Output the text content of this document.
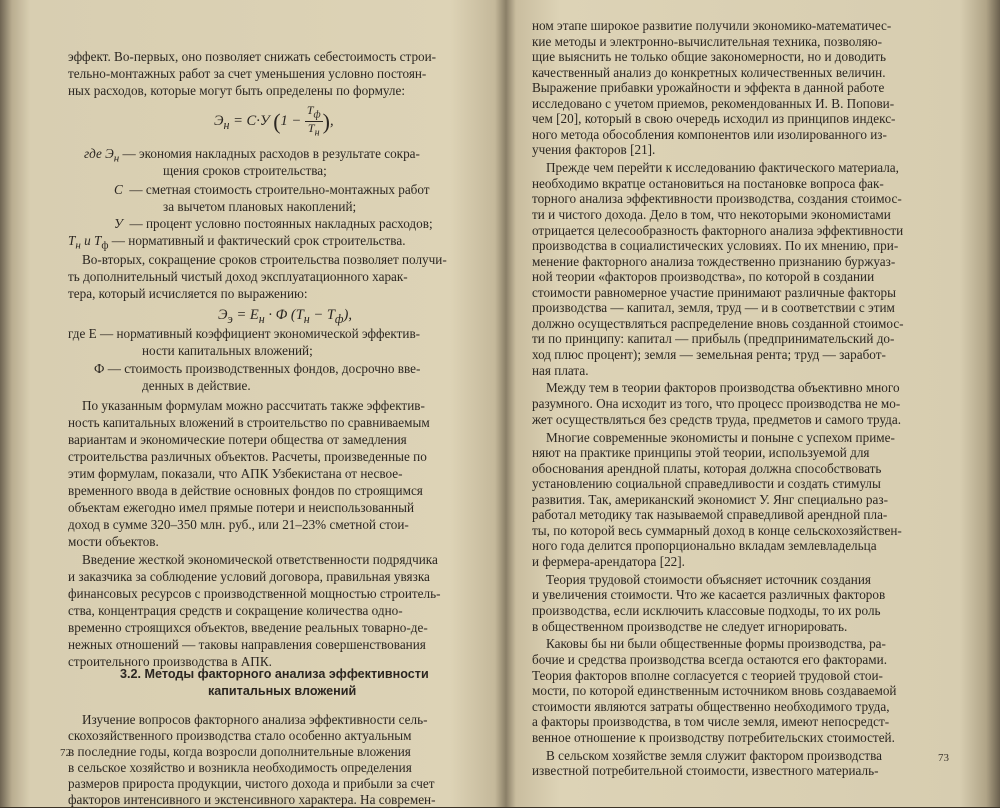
эффект. Во-первых, оно позволяет снижать себестоимость строи-
тельно-монтажных работ за счет уменьшения условно постоян-
ных расходов, которые могут быть определены по формуле:
$Э_н = С\cdot У$ ($1 - \frac{Т_ф}{Т_н}$ ),
где $Э_н$ — экономия накладных расходов в результате сокра-
щения сроков строительства;
С — сметная стоимость строительно-монтажных работ
за вычетом плановых накоплений;
У — процент условно постоянных накладных расходов;
$Т_н$ и $Т_ф$ — нормативный и фактический срок строительства.
Во-вторых, сокращение сроков строительства позволяет получи-
ть дополнительный чистый доход эксплуатационного харак-
тера, который исчисляется по выражению:
$Э_э = Е_н \cdot Ф$ $(Т_н - Т_ф)$,
где Е — нормативный коэффициент экономической эффектив-
ности капитальных вложений;
Ф — стоимость производственных фондов, досрочно вве-
денных в действие.
По указанным формулам можно рассчитать также эффектив-
ность капитальных вложений в строительство по сравниваемым
вариантам и экономические потери общества от замедления
строительства различных объектов. Расчеты, произведенные по
этим формулам, показали, что АПК Узбекистана от несвое-
временного ввода в действие основных фондов по строящимся
объектам ежегодно имел прямые потери и неиспользованный
доход в сумме 320–350 млн. руб., или 21–23% сметной стои-
мости объектов.
Введение жесткой экономической ответственности подрядчика
и заказчика за соблюдение условий договора, правильная увязка
финансовых ресурсов с производственной мощностью строитель-
ства, концентрация средств и сокращение количества одно-
временно строящихся объектов, введение реальных товарно-де-
нежных отношений — таковы направления совершенствования
строительного производства в АПК.
3.2. Методы факторного анализа эффективности
капитальных вложений
Изучение вопросов факторного анализа эффективности сель-
скохозяйственного производства стало особенно актуальным
в последние годы, когда возросли дополнительные вложения
в сельское хозяйство и возникла необходимость определения
размеров прироста продукции, чистого дохода и прибыли за счет
факторов интенсивного и экстенсивного характера. На современ-
ном этапе широкое развитие получили экономико-математичес-
кие методы и электронно-вычислительная техника, позволяю-
щие выяснить не только общие закономерности, но и доводить
качественный анализ до конкретных количественных величин.
Выражение прибавки урожайности и эффекта в данной работе
исследовано с учетом приемов, рекомендованных И. В. Попови-
чем [20], который в свою очередь исходил из принципов индекс-
ного метода обособления компонентов или изолированного из-
учения факторов [21].
Прежде чем перейти к исследованию фактического материала,
необходимо вкратце остановиться на постановке вопроса фак-
торного анализа эффективности производства, создания стоимос-
ти и чистого дохода. Дело в том, что некоторыми экономистами
отрицается целесообразность факторного анализа эффективности
производства в социалистических условиях. По их мнению, при-
менение факторного анализа тождественно признанию буржуаз-
ной теории «факторов производства», по которой в создании
стоимости равномерное участие принимают различные факторы
производства — капитал, земля, труд — и в соответствии с этим
должно осуществляться распределение вновь созданной стоимос-
ти по принципу: капитал — прибыль (предпринимательский до-
ход плюс процент); земля — земельная рента; труд — заработ-
ная плата.
Между тем в теории факторов производства объективно много
разумного. Она исходит из того, что процесс производства не мо-
жет осуществляться без средств труда, предметов и самого труда.
Многие современные экономисты и поныне с успехом приме-
няют на практике принципы этой теории, используемой для
обоснования арендной платы, которая должна способствовать
установлению социальной справедливости и создать стимулы
развития. Так, американский экономист У. Янг специально раз-
работал методику так называемой справедливой арендной пла-
ты, по которой весь суммарный доход в конце сельскохозяйствен-
ного года делится пропорционально вкладам землевладельца
и фермера-арендатора [22].
Теория трудовой стоимости объясняет источник создания
и увеличения стоимости. Что же касается различных факторов
производства, если исключить классовые подходы, то их роль
в общественном производстве не следует игнорировать.
Каковы бы ни были общественные формы производства, ра-
бочие и средства производства всегда остаются его факторами.
Теория факторов вполне согласуется с теорией трудовой стои-
мости, по которой единственным источником вновь создаваемой
стоимости являются затраты общественно необходимого труда,
а факторы производства, в том числе земля, имеют непосредст-
венное отношение к производству потребительских стоимостей.
В сельском хозяйстве земля служит фактором производства
известной потребительной стоимости, известного материаль-
72	73
